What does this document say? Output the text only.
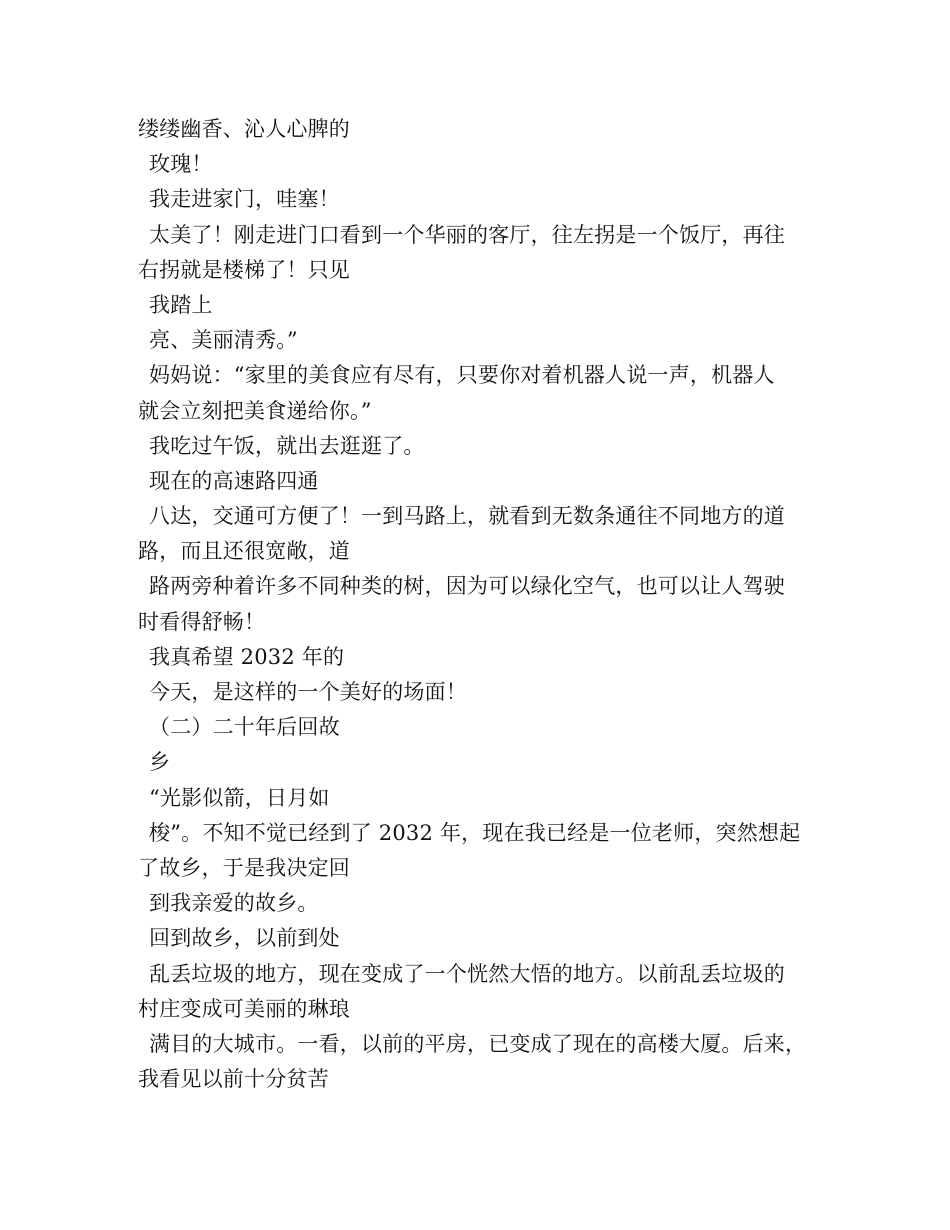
缕缕幽香、沁人心脾的
玫瑰！
我走进家门，哇塞！
太美了！刚走进门口看到一个华丽的客厅，往左拐是一个饭厅，再往
右拐就是楼梯了！只见
我踏上
亮、美丽清秀。”
妈妈说：“家里的美食应有尽有，只要你对着机器人说一声，机器人
就会立刻把美食递给你。”
我吃过午饭，就出去逛逛了。
现在的高速路四通
八达，交通可方便了！一到马路上，就看到无数条通往不同地方的道
路，而且还很宽敞，道
路两旁种着许多不同种类的树，因为可以绿化空气，也可以让人驾驶
时看得舒畅！
我真希望 2032 年的
今天，是这样的一个美好的场面！
（二）二十年后回故
乡
“光影似箭，日月如
梭”。不知不觉已经到了 2032 年，现在我已经是一位老师，突然想起
了故乡，于是我决定回
到我亲爱的故乡。
回到故乡，以前到处
乱丢垃圾的地方，现在变成了一个恍然大悟的地方。以前乱丢垃圾的
村庄变成可美丽的琳琅
满目的大城市。一看，以前的平房，已变成了现在的高楼大厦。后来，
我看见以前十分贫苦
